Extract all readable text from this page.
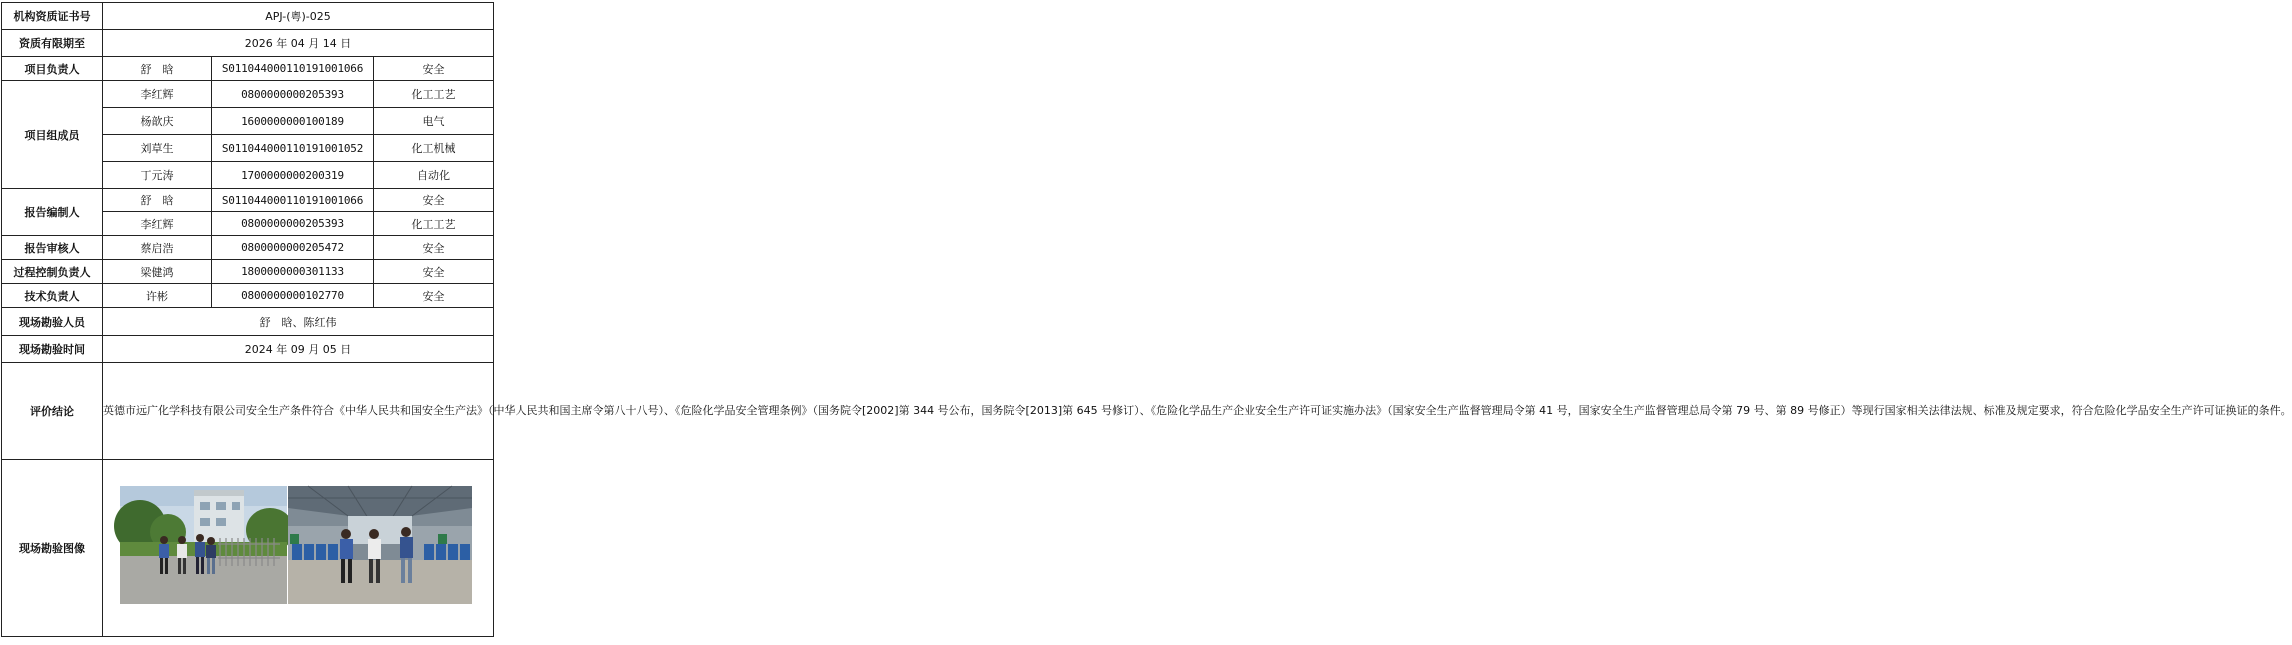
机构资质证书号	APJ-(粤)-025		
资质有限期至	2026 年 04 月 14 日		
项目负责人	舒　晗	S011044000110191001066	安全
项目组成员	李红辉	0800000000205393	化工工艺
	杨歆庆	1600000000100189	电气
	刘草生	S011044000110191001052	化工机械
	丁元涛	1700000000200319	自动化
报告编制人	舒　晗	S011044000110191001066	安全
	李红辉	0800000000205393	化工工艺
报告审核人	蔡启浩	0800000000205472	安全
过程控制负责人	梁健鸿	1800000000301133	安全
技术负责人	许彬	0800000000102770	安全
现场勘验人员	舒　晗、陈红伟		
现场勘验时间	2024 年 09 月 05 日		
评价结论	英德市远广化学科技有限公司安全生产条件符合《中华人民共和国安全生产法》（中华人民共和国主席令第八十八号）、《危险化学品安全管理条例》（国务院令[2002]第 344 号公布，国务院令[2013]第 645 号修订）、《危险化学品生产企业安全生产许可证实施办法》（国家安全生产监督管理局令第 41 号，国家安全生产监督管理总局令第 79 号、第 89 号修正）等现行国家相关法律法规、标准及规定要求，符合危险化学品安全生产许可证换证的条件。		
现场勘验图像	
